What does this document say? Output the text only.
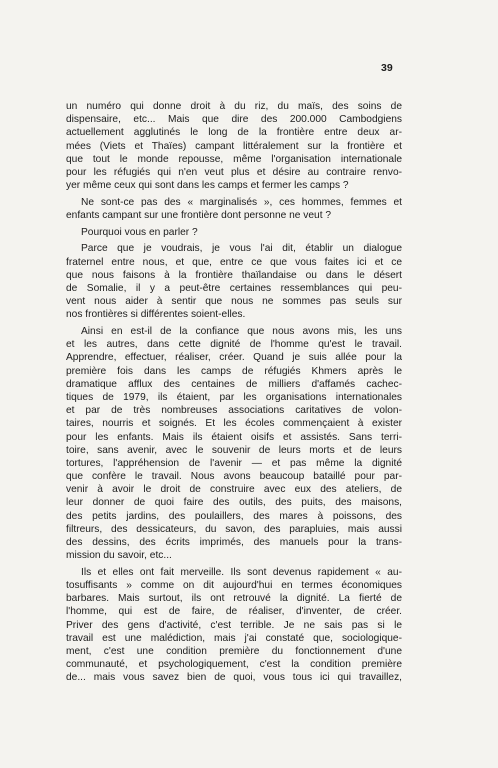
39
un numéro qui donne droit à du riz, du maïs, des soins de
dispensaire, etc... Mais que dire des 200.000 Cambodgiens
actuellement agglutinés le long de la frontière entre deux ar-
mées (Viets et Thaïes) campant littéralement sur la frontière et
que tout le monde repousse, même l'organisation internationale
pour les réfugiés qui n'en veut plus et désire au contraire renvo-
yer même ceux qui sont dans les camps et fermer les camps ?
Ne sont-ce pas des « marginalisés », ces hommes, femmes et
enfants campant sur une frontière dont personne ne veut ?
Pourquoi vous en parler ?
Parce que je voudrais, je vous l'ai dit, établir un dialogue
fraternel entre nous, et que, entre ce que vous faites ici et ce
que nous faisons à la frontière thaïlandaise ou dans le désert
de Somalie, il y a peut-être certaines ressemblances qui peu-
vent nous aider à sentir que nous ne sommes pas seuls sur
nos frontières si différentes soient-elles.
Ainsi en est-il de la confiance que nous avons mis, les uns
et les autres, dans cette dignité de l'homme qu'est le travail.
Apprendre, effectuer, réaliser, créer. Quand je suis allée pour la
première fois dans les camps de réfugiés Khmers après le
dramatique afflux des centaines de milliers d'affamés cachec-
tiques de 1979, ils étaient, par les organisations internationales
et par de très nombreuses associations caritatives de volon-
taires, nourris et soignés. Et les écoles commençaient à exister
pour les enfants. Mais ils étaient oisifs et assistés. Sans terri-
toire, sans avenir, avec le souvenir de leurs morts et de leurs
tortures, l'appréhension de l'avenir — et pas même la dignité
que confère le travail. Nous avons beaucoup bataillé pour par-
venir à avoir le droit de construire avec eux des ateliers, de
leur donner de quoi faire des outils, des puits, des maisons,
des petits jardins, des poulaillers, des mares à poissons, des
filtreurs, des dessicateurs, du savon, des parapluies, mais aussi
des dessins, des écrits imprimés, des manuels pour la trans-
mission du savoir, etc...
Ils et elles ont fait merveille. Ils sont devenus rapidement « au-
tosuffisants » comme on dit aujourd'hui en termes économiques
barbares. Mais surtout, ils ont retrouvé la dignité. La fierté de
l'homme, qui est de faire, de réaliser, d'inventer, de créer.
Priver des gens d'activité, c'est terrible. Je ne sais pas si le
travail est une malédiction, mais j'ai constaté que, sociologique-
ment, c'est une condition première du fonctionnement d'une
communauté, et psychologiquement, c'est la condition première
de... mais vous savez bien de quoi, vous tous ici qui travaillez,
